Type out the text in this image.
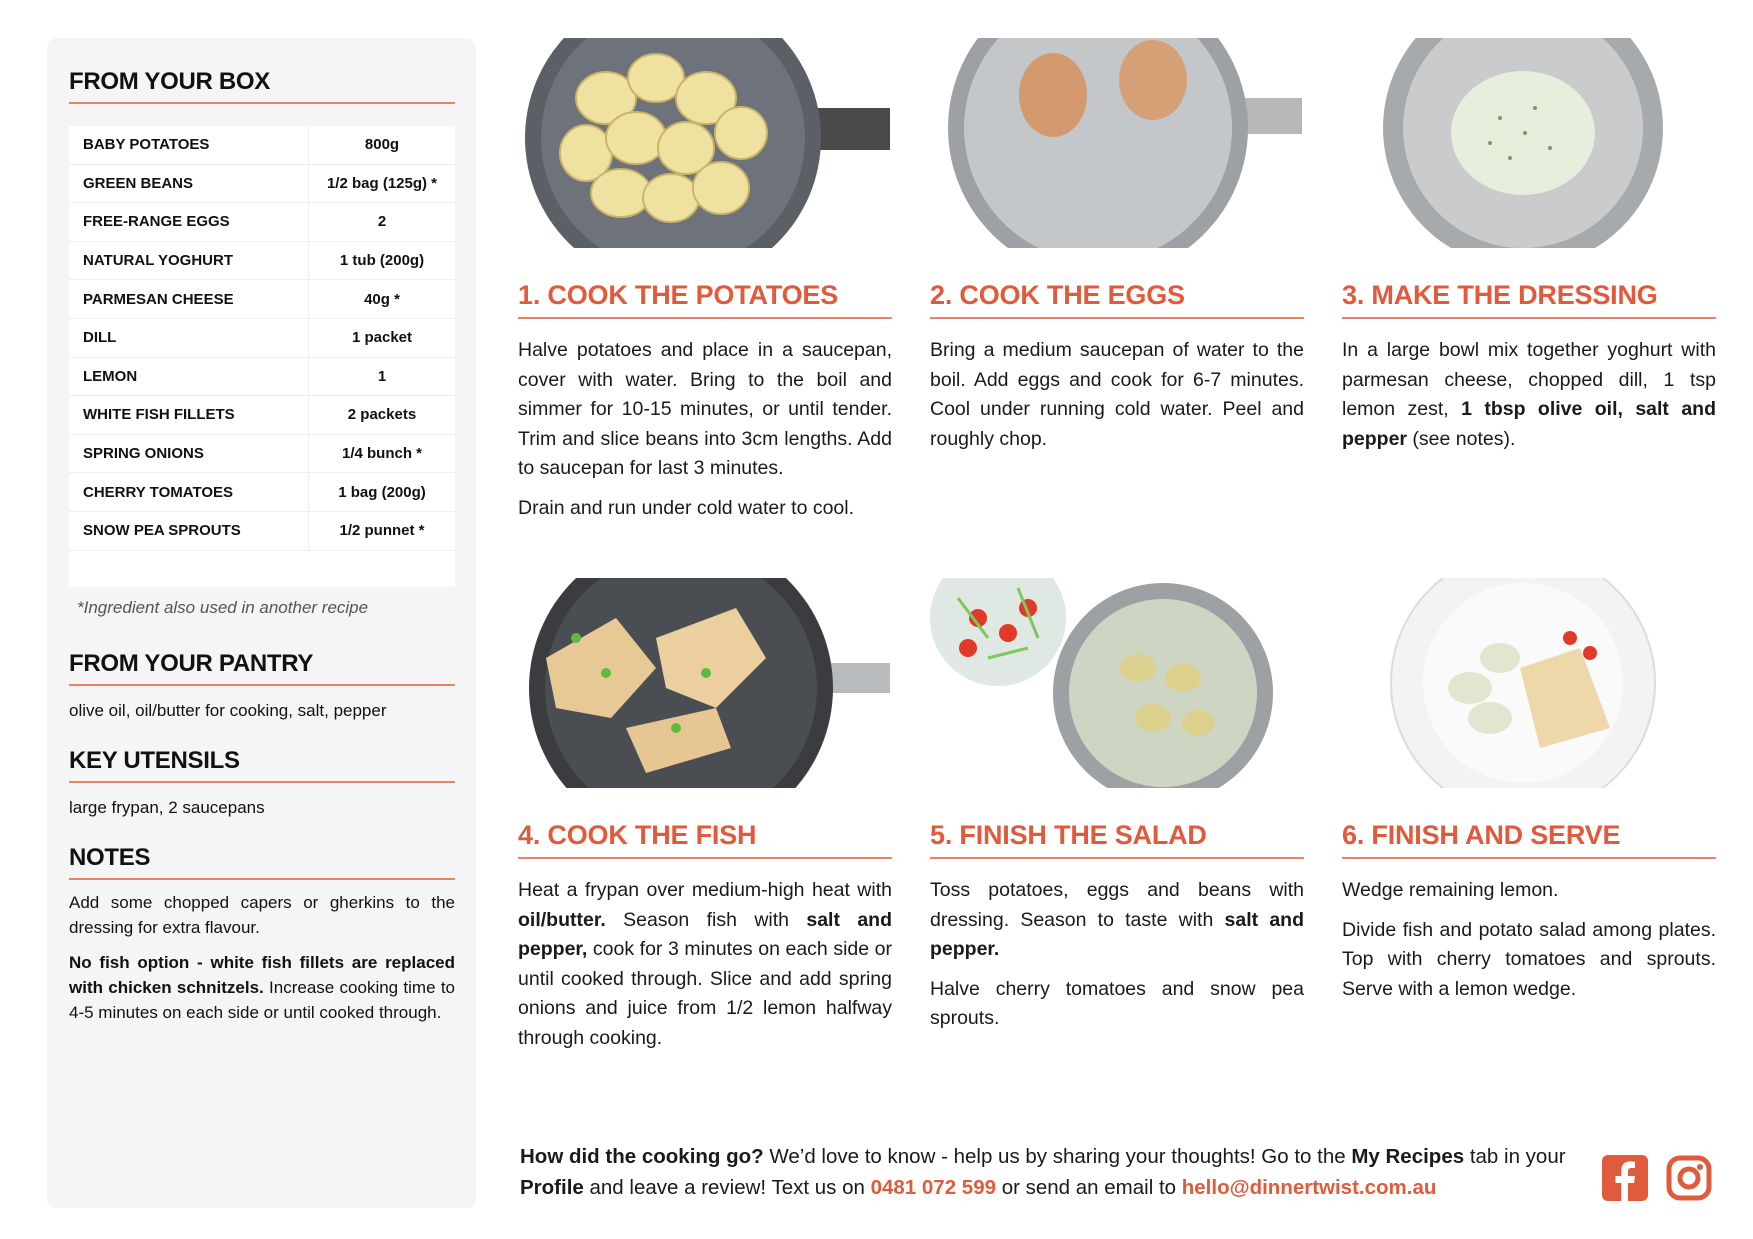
FROM YOUR BOX
BABY POTATOES	800g
GREEN BEANS	1/2 bag (125g) *
FREE-RANGE EGGS	2
NATURAL YOGHURT	1 tub (200g)
PARMESAN CHEESE	40g *
DILL	1 packet
LEMON	1
WHITE FISH FILLETS	2 packets
SPRING ONIONS	1/4 bunch *
CHERRY TOMATOES	1 bag (200g)
SNOW PEA SPROUTS	1/2 punnet *
*Ingredient also used in another recipe
FROM YOUR PANTRY
olive oil, oil/butter for cooking, salt, pepper
KEY UTENSILS
large frypan, 2 saucepans
NOTES
Add some chopped capers or gherkins to the dressing for extra flavour.
No fish option - white fish fillets are replaced with chicken schnitzels. Increase cooking time to 4-5 minutes on each side or until cooked through.
1. COOK THE POTATOES

Halve potatoes and place in a saucepan, cover with water. Bring to the boil and simmer for 10-15 minutes, or until tender. Trim and slice beans into 3cm lengths. Add to saucepan for last 3 minutes.

Drain and run under cold water to cool.

2. COOK THE EGGS

Bring a medium saucepan of water to the boil. Add eggs and cook for 6-7 minutes. Cool under running cold water. Peel and roughly chop.

3. MAKE THE DRESSING

In a large bowl mix together yoghurt with parmesan cheese, chopped dill, 1 tsp lemon zest, 1 tbsp olive oil, salt and pepper (see notes).

4. COOK THE FISH

Heat a frypan over medium-high heat with oil/butter. Season fish with salt and pepper, cook for 3 minutes on each side or until cooked through. Slice and add spring onions and juice from 1/2 lemon halfway through cooking.

5. FINISH THE SALAD

Toss potatoes, eggs and beans with dressing. Season to taste with salt and pepper.

Halve cherry tomatoes and snow pea sprouts.

6. FINISH AND SERVE

Wedge remaining lemon.

Divide fish and potato salad among plates. Top with cherry tomatoes and sprouts. Serve with a lemon wedge.

How did the cooking go? We’d love to know - help us by sharing your thoughts! Go to the My Recipes tab in your Profile and leave a review! Text us on 0481 072 599 or send an email to hello@dinnertwist.com.au
